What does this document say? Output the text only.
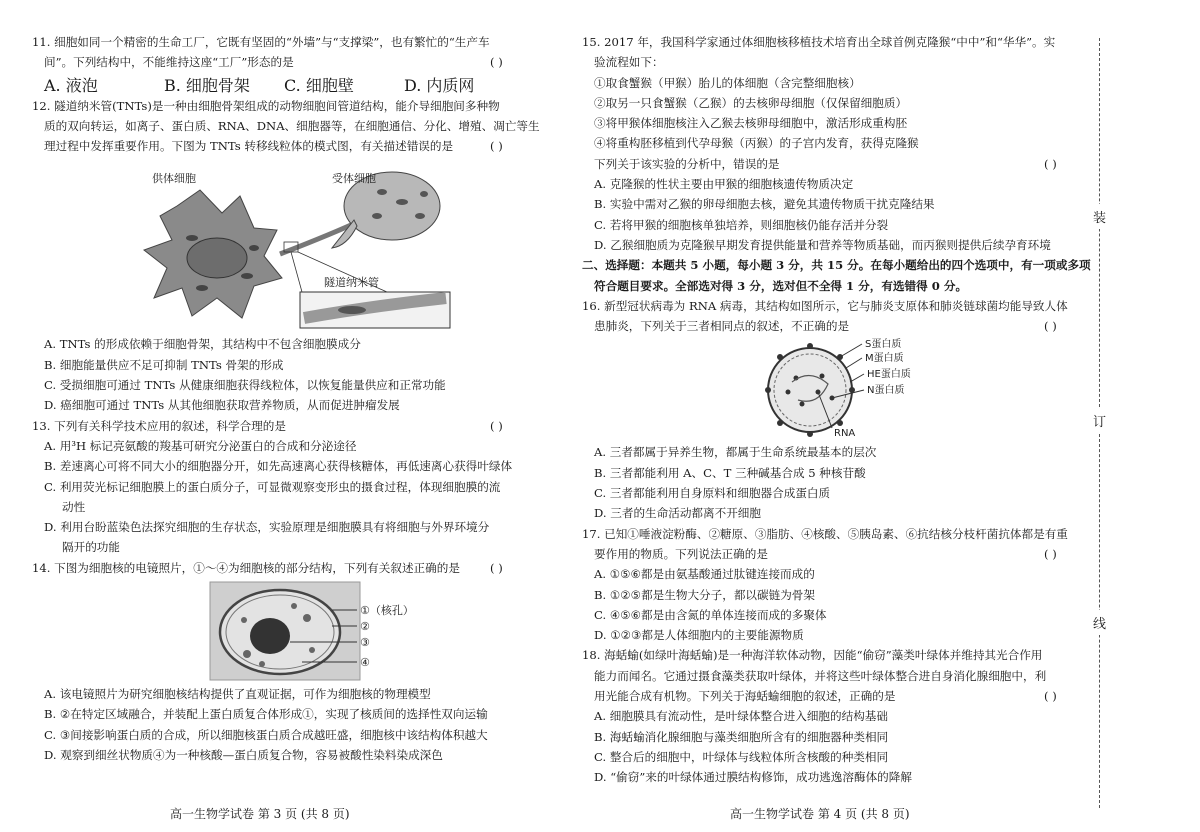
11. 细胞如同一个精密的生命工厂，它既有坚固的“外墙”与“支撑梁”，也有繁忙的“生产车
间”。下列结构中，不能维持这座“工厂”形态的是	( )
A. 液泡	B. 细胞骨架	C. 细胞壁	D. 内质网
12. 隧道纳米管(TNTs)是一种由细胞骨架组成的动物细胞间管道结构，能介导细胞间多种物
质的双向转运，如离子、蛋白质、RNA、DNA、细胞器等，在细胞通信、分化、增殖、凋亡等生
理过程中发挥重要作用。下图为 TNTs 转移线粒体的模式图，有关描述错误的是	( )
供体细胞	受体细胞
隧道纳米管
A. TNTs 的形成依赖于细胞骨架，其结构中不包含细胞膜成分
B. 细胞能量供应不足可抑制 TNTs 骨架的形成
C. 受损细胞可通过 TNTs 从健康细胞获得线粒体，以恢复能量供应和正常功能
D. 癌细胞可通过 TNTs 从其他细胞获取营养物质，从而促进肿瘤发展
13. 下列有关科学技术应用的叙述，科学合理的是	( )
A. 用³H 标记亮氨酸的羧基可研究分泌蛋白的合成和分泌途径
B. 差速离心可将不同大小的细胞器分开，如先高速离心获得核糖体，再低速离心获得叶绿体
C. 利用荧光标记细胞膜上的蛋白质分子，可显微观察变形虫的摄食过程，体现细胞膜的流
动性
D. 利用台盼蓝染色法探究细胞的生存状态，实验原理是细胞膜具有将细胞与外界环境分
隔开的功能
14. 下图为细胞核的电镜照片，①～④为细胞核的部分结构，下列有关叙述正确的是	( )
①（核孔）
②
③
④
A. 该电镜照片为研究细胞核结构提供了直观证据，可作为细胞核的物理模型
B. ②在特定区域融合，并装配上蛋白质复合体形成①，实现了核质间的选择性双向运输
C. ③间接影响蛋白质的合成，所以细胞核蛋白质合成越旺盛，细胞核中该结构体积越大
D. 观察到细丝状物质④为一种核酸—蛋白质复合物，容易被酸性染料染成深色
高一生物学试卷 第 3 页 (共 8 页)
15. 2017 年，我国科学家通过体细胞核移植技术培育出全球首例克隆猴“中中”和“华华”。实
验流程如下：
①取食蟹猴（甲猴）胎儿的体细胞（含完整细胞核）
②取另一只食蟹猴（乙猴）的去核卵母细胞（仅保留细胞质）
③将甲猴体细胞核注入乙猴去核卵母细胞中，激活形成重构胚
④将重构胚移植到代孕母猴（丙猴）的子宫内发育，获得克隆猴
下列关于该实验的分析中，错误的是	( )
A. 克隆猴的性状主要由甲猴的细胞核遗传物质决定
B. 实验中需对乙猴的卵母细胞去核，避免其遗传物质干扰克隆结果
C. 若将甲猴的细胞核单独培养，则细胞核仍能存活并分裂
D. 乙猴细胞质为克隆猴早期发育提供能量和营养等物质基础，而丙猴则提供后续孕育环境
二、选择题：本题共 5 小题，每小题 3 分，共 15 分。在每小题给出的四个选项中，有一项或多项
符合题目要求。全部选对得 3 分，选对但不全得 1 分，有选错得 0 分。
16. 新型冠状病毒为 RNA 病毒，其结构如图所示，它与肺炎支原体和肺炎链球菌均能导致人体
患肺炎，下列关于三者相同点的叙述，不正确的是	( )
S蛋白质
M蛋白质
HE蛋白质
N蛋白质
RNA
A. 三者都属于异养生物，都属于生命系统最基本的层次
B. 三者都能利用 A、C、T 三种碱基合成 5 种核苷酸
C. 三者都能利用自身原料和细胞器合成蛋白质
D. 三者的生命活动都离不开细胞
17. 已知①唾液淀粉酶、②糖原、③脂肪、④核酸、⑤胰岛素、⑥抗结核分枝杆菌抗体都是有重
要作用的物质。下列说法正确的是	( )
A. ①⑤⑥都是由氨基酸通过肽键连接而成的
B. ①②⑤都是生物大分子，都以碳链为骨架
C. ④⑤⑥都是由含氮的单体连接而成的多聚体
D. ①②③都是人体细胞内的主要能源物质
18. 海蛞蝓(如绿叶海蛞蝓)是一种海洋软体动物，因能“偷窃”藻类叶绿体并维持其光合作用
能力而闻名。它通过摄食藻类获取叶绿体，并将这些叶绿体整合进自身消化腺细胞中，利
用光能合成有机物。下列关于海蛞蝓细胞的叙述，正确的是	( )
A. 细胞膜具有流动性，是叶绿体整合进入细胞的结构基础
B. 海蛞蝓消化腺细胞与藻类细胞所含有的细胞器种类相同
C. 整合后的细胞中，叶绿体与线粒体所含核酸的种类相同
D. “偷窃”来的叶绿体通过膜结构修饰，成功逃逸溶酶体的降解
高一生物学试卷 第 4 页 (共 8 页)
装
订
线
